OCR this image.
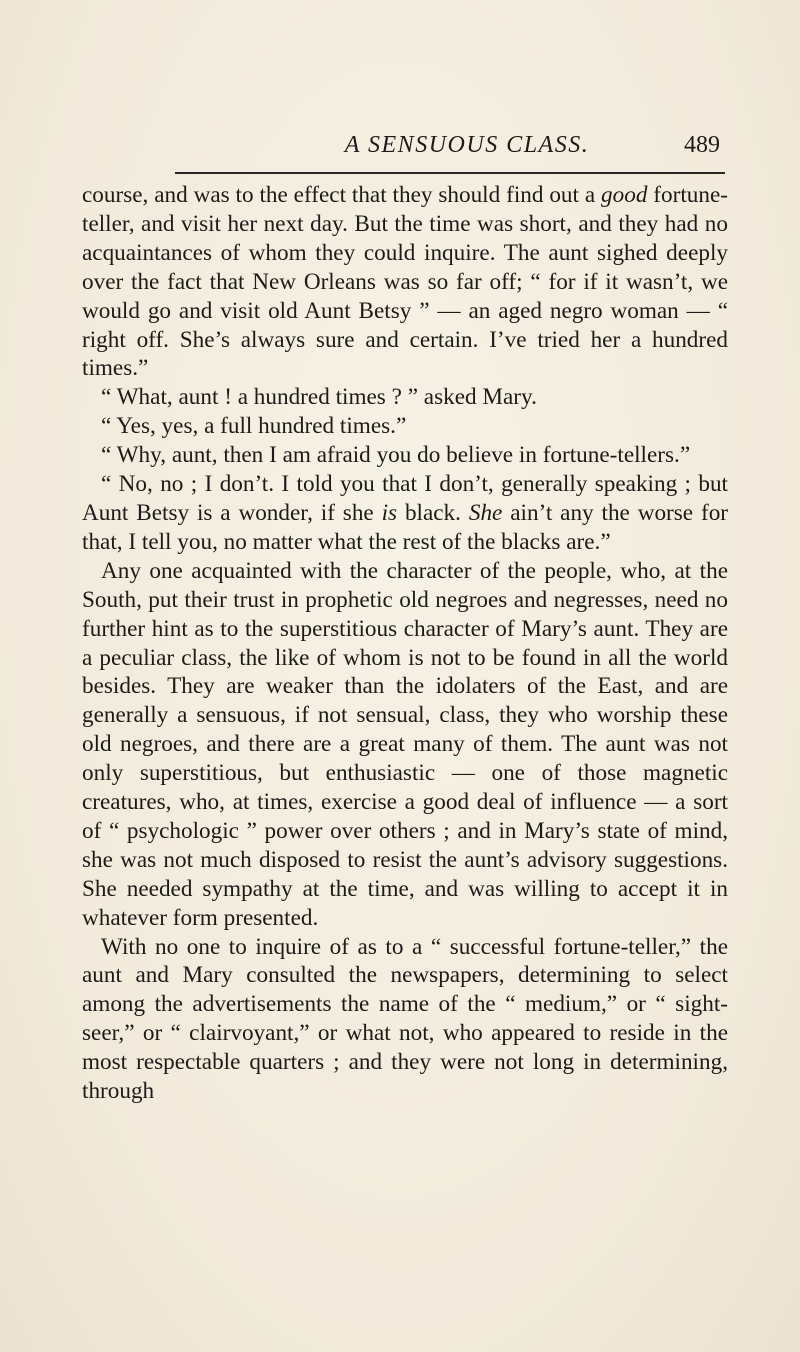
A SENSUOUS CLASS.	489

course, and was to the effect that they should find out a good fortune-teller, and visit her next day. But the time was short, and they had no acquaintances of whom they could inquire. The aunt sighed deeply over the fact that New Orleans was so far off; “ for if it wasn’t, we would go and visit old Aunt Betsy ” — an aged negro woman — “ right off. She’s always sure and certain. I’ve tried her a hundred times.”

“ What, aunt ! a hundred times ? ” asked Mary.

“ Yes, yes, a full hundred times.”

“ Why, aunt, then I am afraid you do believe in fortune-tellers.”

“ No, no ; I don’t. I told you that I don’t, generally speaking ; but Aunt Betsy is a wonder, if she is black. She ain’t any the worse for that, I tell you, no matter what the rest of the blacks are.”

Any one acquainted with the character of the people, who, at the South, put their trust in prophetic old negroes and negresses, need no further hint as to the superstitious character of Mary’s aunt. They are a peculiar class, the like of whom is not to be found in all the world besides. They are weaker than the idolaters of the East, and are generally a sensuous, if not sensual, class, they who worship these old negroes, and there are a great many of them. The aunt was not only superstitious, but enthusiastic — one of those magnetic creatures, who, at times, exercise a good deal of influence — a sort of “ psychologic ” power over others ; and in Mary’s state of mind, she was not much disposed to resist the aunt’s advisory suggestions. She needed sympathy at the time, and was willing to accept it in whatever form presented.

With no one to inquire of as to a “ successful fortune-teller,” the aunt and Mary consulted the newspapers, determining to select among the advertisements the name of the “ medium,” or “ sight-seer,” or “ clairvoyant,” or what not, who appeared to reside in the most respectable quarters ; and they were not long in determining, through
